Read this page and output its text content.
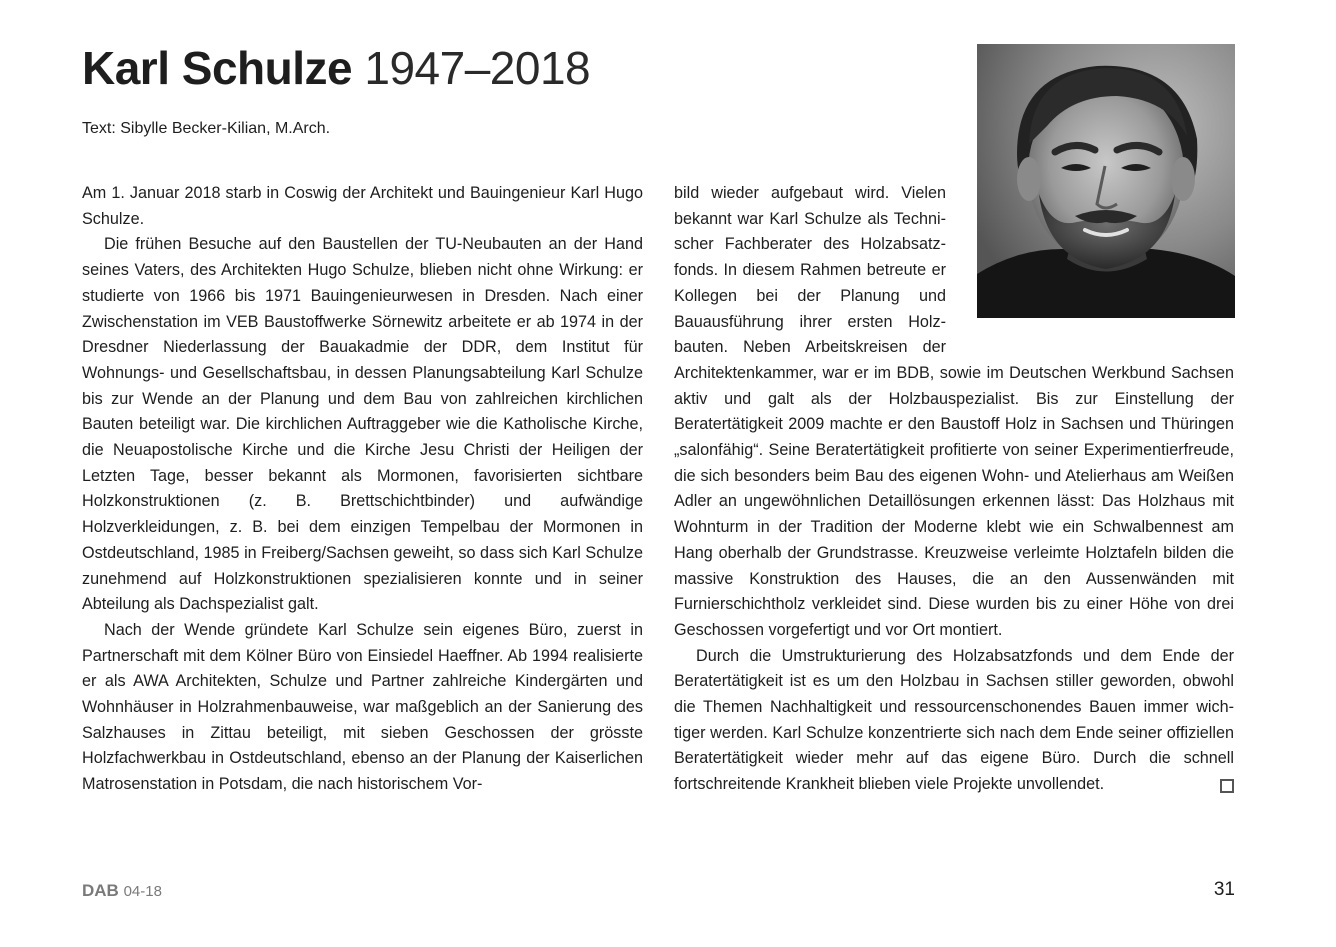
Karl Schulze 1947–2018
Text: Sibylle Becker-Kilian, M.Arch.

Am 1. Januar 2018 starb in Coswig der Architekt und Bauingenieur Karl Hugo Schulze.

Die frühen Besuche auf den Baustellen der TU-Neubauten an der Hand seines Vaters, des Architekten Hugo Schulze, blieben nicht ohne Wirkung: er studierte von 1966 bis 1971 Bauingenieurwesen in Dresden. Nach einer Zwischenstation im VEB Baustoffwerke Sörnewitz arbeitete er ab 1974 in der Dresdner Niederlassung der Bauakadmie der DDR, dem Institut für Wohnungs- und Gesellschaftsbau, in dessen Planungsabteilung Karl Schulze bis zur Wende an der Planung und dem Bau von zahlreichen kirchlichen Bauten beteiligt war. Die kirchlichen Auftraggeber wie die Katholische Kirche, die Neuapostolische Kirche und die Kirche Jesu Christi der Heiligen der Letzten Tage, besser bekannt als Mormonen, favorisierten sichtbare Holzkonstruktionen (z. B. Brettschichtbinder) und aufwändige Holzverkleidungen, z. B. bei dem einzigen Tempelbau der Mormonen in Ostdeutschland, 1985 in Freiberg/Sachsen geweiht, so dass sich Karl Schulze zunehmend auf Holzkonstruktionen spezialisieren konnte und in seiner Abteilung als Dachspezialist galt.

Nach der Wende gründete Karl Schulze sein eigenes Büro, zuerst in Partnerschaft mit dem Kölner Büro von Einsiedel Haeffner. Ab 1994 realisierte er als AWA Architekten, Schulze und Partner zahlreiche Kindergärten und Wohnhäuser in Holzrahmenbauweise, war maßgeblich an der Sanierung des Salzhauses in Zittau beteiligt, mit sieben Geschossen der grösste Holzfachwerkbau in Ostdeutschland, ebenso an der Planung der Kaiserlichen Matrosenstation in Potsdam, die nach historischem Vor-

bild wieder aufgebaut wird. Vielen bekannt war Karl Schulze als Technischer Fachberater des Holzabsatzfonds. In diesem Rahmen betreute er Kollegen bei der Planung und Bauausführung ihrer ersten Holzbauten. Neben Arbeitskreisen der Architektenkammer, war er im BDB, sowie im Deutschen Werkbund Sachsen aktiv und galt als der Holzbauspezialist. Bis zur Einstellung der Beratertätigkeit 2009 machte er den Baustoff Holz in Sachsen und Thüringen „salonfähig“. Seine Beratertätigkeit profitierte von seiner Experimentierfreude, die sich besonders beim Bau des eigenen Wohn- und Atelierhaus am Weißen Adler an ungewöhnlichen Detaillösungen erkennen lässt: Das Holzhaus mit Wohnturm in der Tradition der Moderne klebt wie ein Schwalbennest am Hang oberhalb der Grundstrasse. Kreuzweise verleimte Holztafeln bilden die massive Konstruktion des Hauses, die an den Aussenwänden mit Furnierschichtholz verkleidet sind. Diese wurden bis zu einer Höhe von drei Geschossen vorgefertigt und vor Ort montiert.

Durch die Umstrukturierung des Holzabsatzfonds und dem Ende der Beratertätigkeit ist es um den Holzbau in Sachsen stiller geworden, obwohl die Themen Nachhaltigkeit und ressourcenschonendes Bauen immer wichtiger werden. Karl Schulze konzentrierte sich nach dem Ende seiner offiziellen Beratertätigkeit wieder mehr auf das eigene Büro. Durch die schnell fortschreitende Krankheit blieben viele Projekte unvollendet.

DAB 04-18	31
